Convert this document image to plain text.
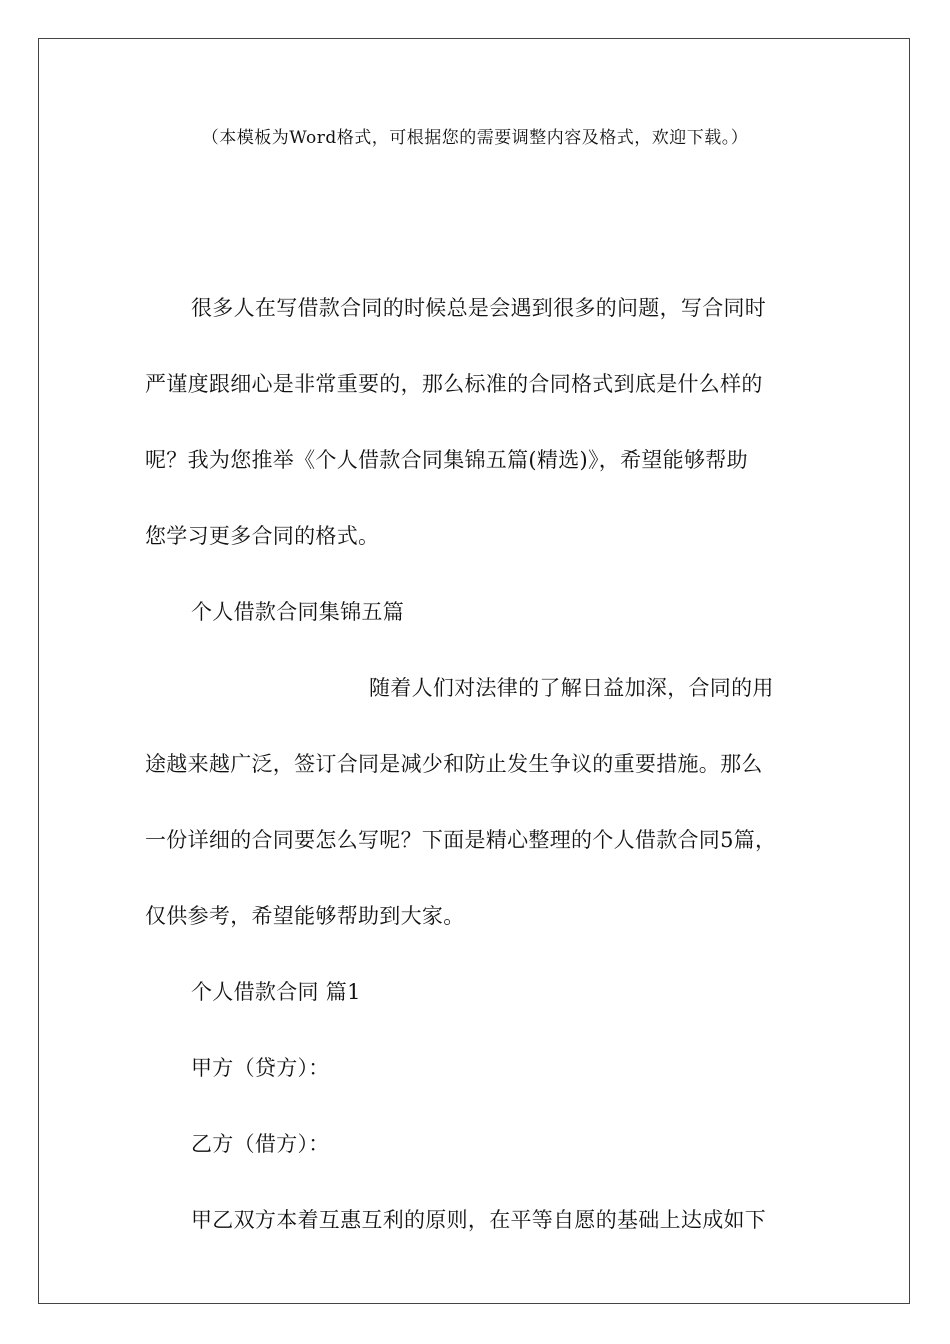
（本模板为Word格式，可根据您的需要调整内容及格式，欢迎下载。）

很多人在写借款合同的时候总是会遇到很多的问题，写合同时

严谨度跟细心是非常重要的，那么标准的合同格式到底是什么样的

呢？我为您推举《个人借款合同集锦五篇(精选)》，希望能够帮助

您学习更多合同的格式。

个人借款合同集锦五篇

随着人们对法律的了解日益加深，合同的用

途越来越广泛，签订合同是减少和防止发生争议的重要措施。那么

一份详细的合同要怎么写呢？下面是精心整理的个人借款合同5篇，

仅供参考，希望能够帮助到大家。

个人借款合同 篇1

甲方（贷方）：

乙方（借方）：

甲乙双方本着互惠互利的原则，在平等自愿的基础上达成如下
